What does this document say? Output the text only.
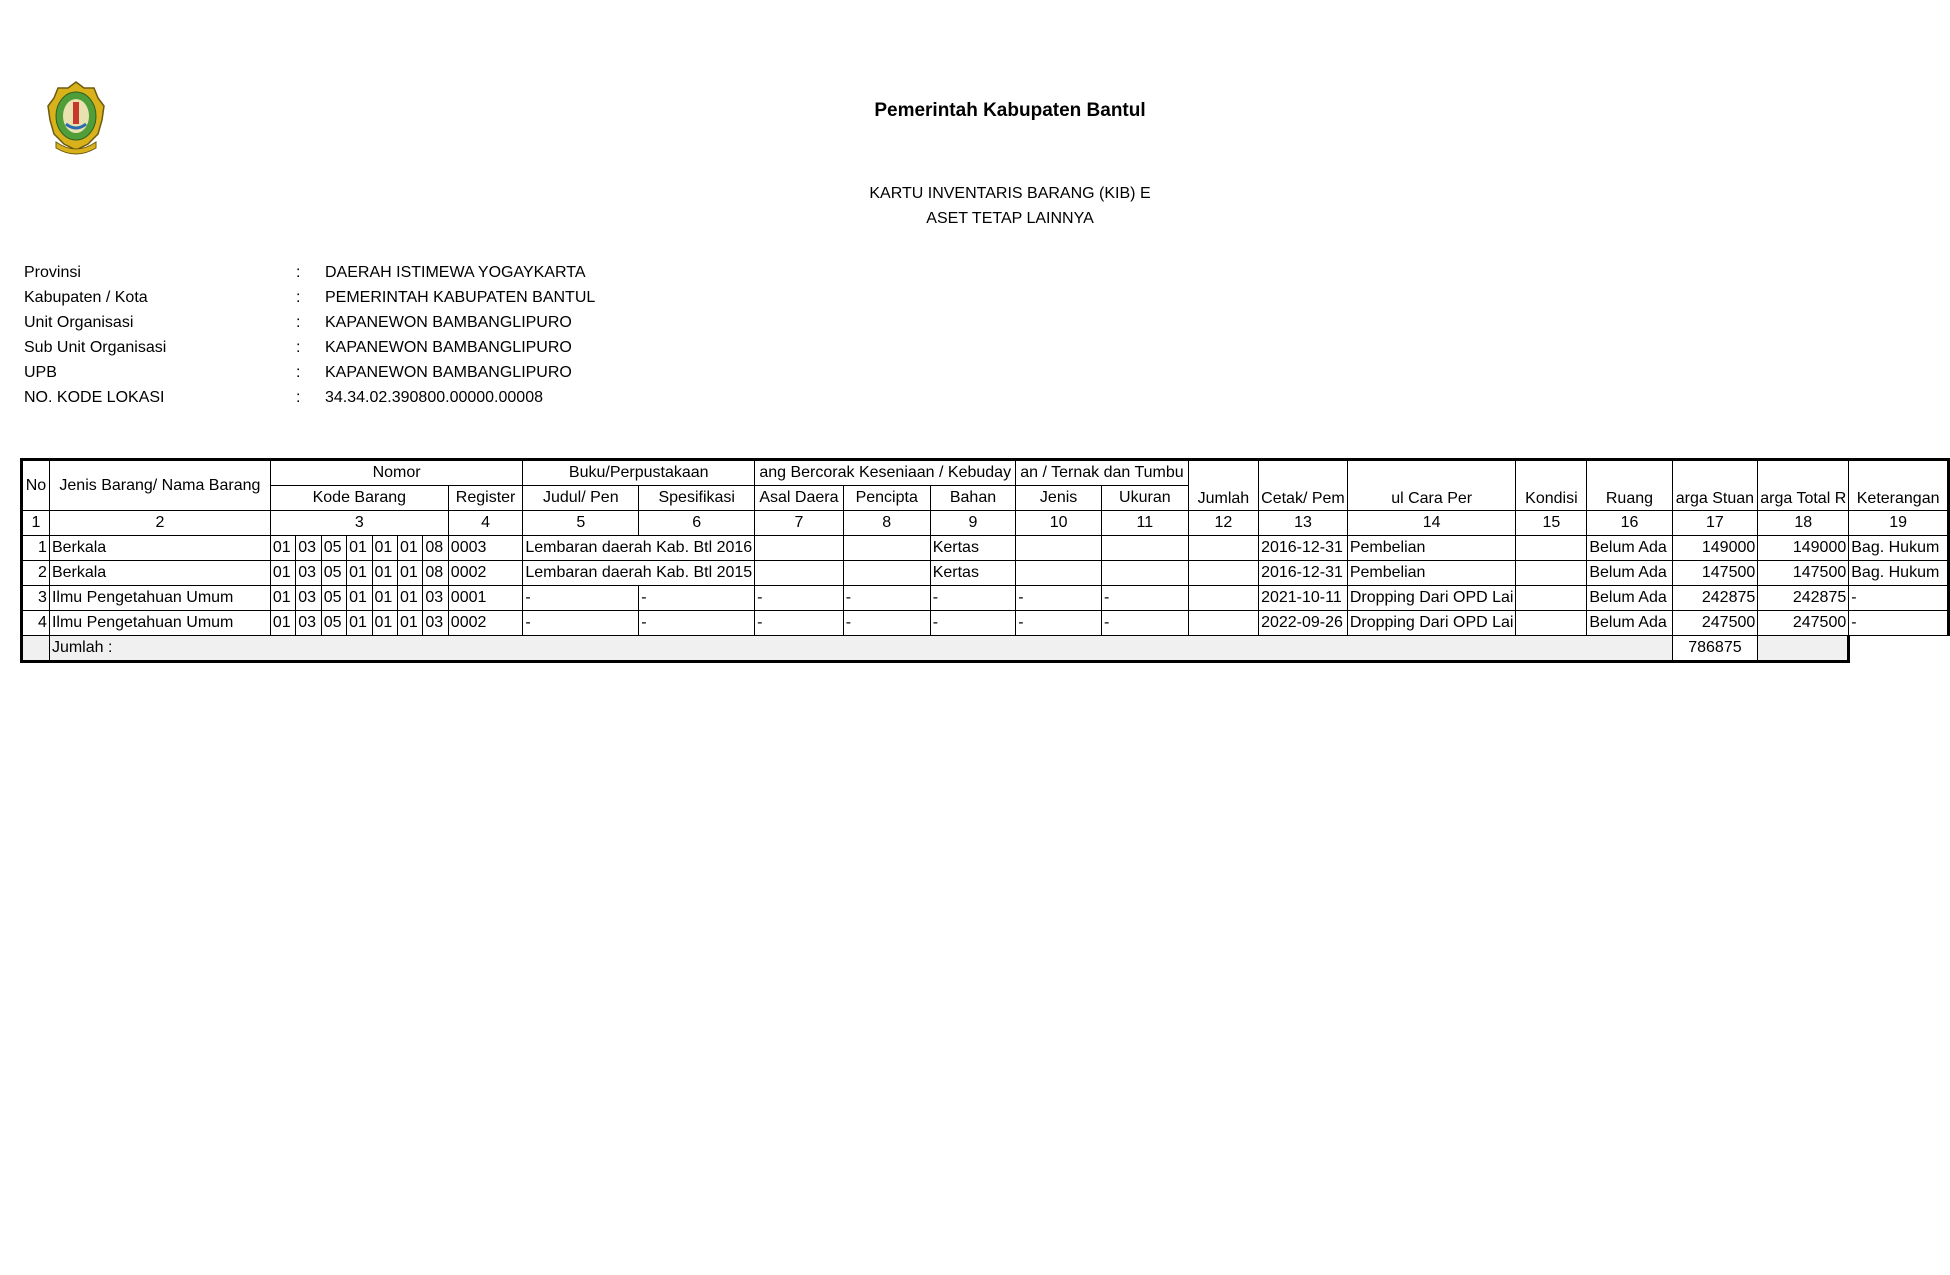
Pemerintah Kabupaten Bantul
KARTU INVENTARIS BARANG (KIB) E
ASET TETAP LAINNYA
Provinsi	: DAERAH ISTIMEWA YOGAYKARTA
Kabupaten / Kota	: PEMERINTAH KABUPATEN BANTUL
Unit Organisasi	: KAPANEWON BAMBANGLIPURO
Sub Unit Organisasi	: KAPANEWON BAMBANGLIPURO
UPB	: KAPANEWON BAMBANGLIPURO
NO. KODE LOKASI	: 34.34.02.390800.00000.00008
No	Jenis Barang/ Nama Barang	Nomor								Buku/Perpustakaan		ang Bercorak Keseniaan / Kebuday			an / Ternak dan Tumbu		Jumlah	Cetak/ Pem	ul Cara Per	Kondisi	Ruang	arga Stuan	arga Total R	Keterangan
		Kode Barang							Register	Judul/ Pen	Spesifikasi	Asal Daera	Pencipta	Bahan	Jenis	Ukuran								
1	2	3							4	5	6	7	8	9	10	11	12	13	14	15	16	17	18	19
1	Berkala	01	03	05	01	01	01	08	0003	Lembaran daerah Kab. Btl 2016				Kertas				2016-12-31	Pembelian		Belum Ada	149000	149000	Bag. Hukum
2	Berkala	01	03	05	01	01	01	08	0002	Lembaran daerah Kab. Btl 2015				Kertas				2016-12-31	Pembelian		Belum Ada	147500	147500	Bag. Hukum
3	Ilmu Pengetahuan Umum	01	03	05	01	01	01	03	0001	-	-	-	-	-	-	-		2021-10-11	Dropping Dari OPD Lai		Belum Ada	242875	242875	-
4	Ilmu Pengetahuan Umum	01	03	05	01	01	01	03	0002	-	-	-	-	-	-	-		2022-09-26	Dropping Dari OPD Lai		Belum Ada	247500	247500	-
	Jumlah :																					786875		
